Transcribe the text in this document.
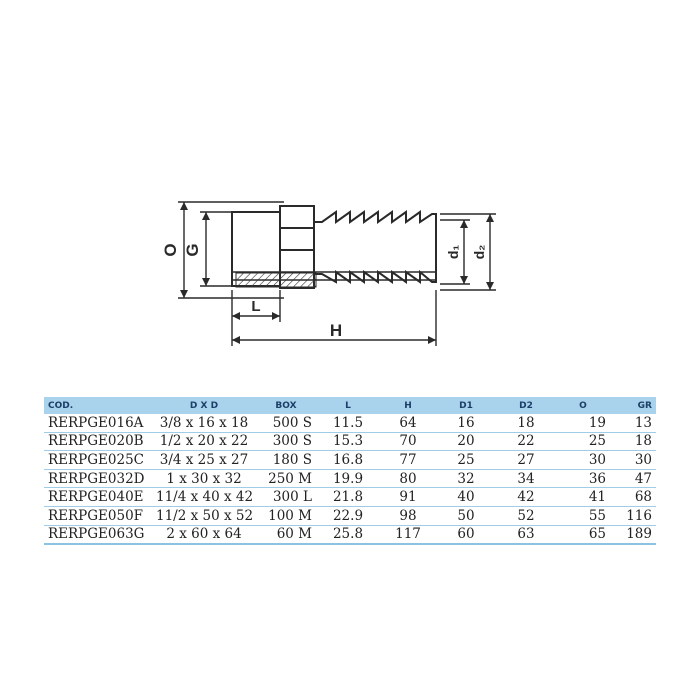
O G	d₁ d₂
L
H
COD.	D X D	BOX	L	H	D1	D2	O	GR
RERPGE016A	3/8 x 16 x 18	500 S	11.5	64	16	18	19	13
RERPGE020B	1/2 x 20 x 22	300 S	15.3	70	20	22	25	18
RERPGE025C	3/4 x 25 x 27	180 S	16.8	77	25	27	30	30
RERPGE032D	1 x 30 x 32	250 M	19.9	80	32	34	36	47
RERPGE040E	11/4 x 40 x 42	300 L	21.8	91	40	42	41	68
RERPGE050F	11/2 x 50 x 52	100 M	22.9	98	50	52	55	116
RERPGE063G	2 x 60 x 64	60 M	25.8	117	60	63	65	189
